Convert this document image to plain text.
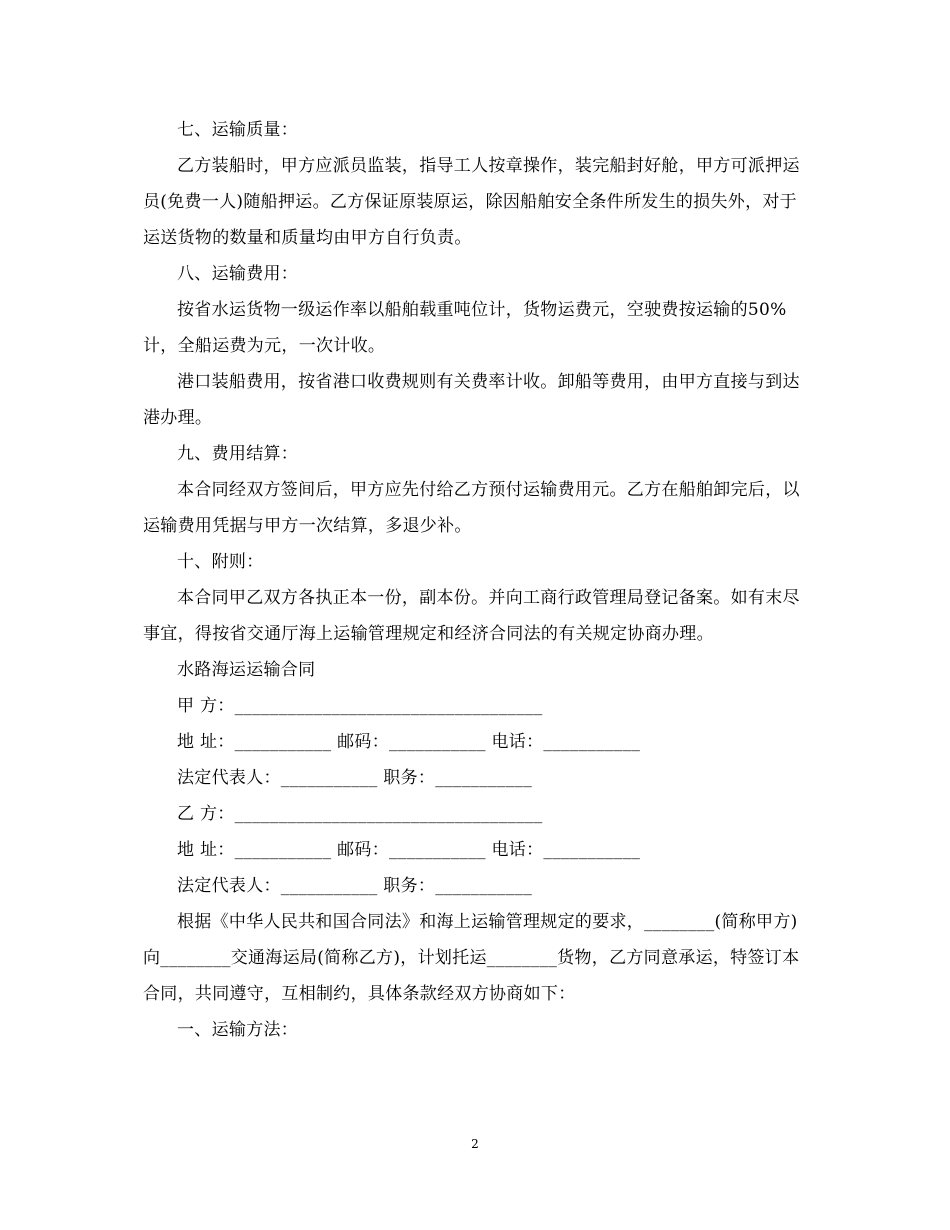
七、运输质量：

乙方装船时，甲方应派员监装，指导工人按章操作，装完船封好舱，甲方可派押运员(免费一人)随船押运。乙方保证原装原运，除因船舶安全条件所发生的损失外，对于运送货物的数量和质量均由甲方自行负责。

八、运输费用：

按省水运货物一级运作率以船舶载重吨位计，货物运费元，空驶费按运输的50%计，全船运费为元，一次计收。

港口装船费用，按省港口收费规则有关费率计收。卸船等费用，由甲方直接与到达港办理。

九、费用结算：

本合同经双方签间后，甲方应先付给乙方预付运输费用元。乙方在船舶卸完后，以运输费用凭据与甲方一次结算，多退少补。

十、附则：

本合同甲乙双方各执正本一份，副本份。并向工商行政管理局登记备案。如有末尽事宜，得按省交通厅海上运输管理规定和经济合同法的有关规定协商办理。

水路海运运输合同

甲 方：___________________________________

地 址：___________ 邮码：___________ 电话：___________

法定代表人：___________ 职务：___________

乙 方：___________________________________

地 址：___________ 邮码：___________ 电话：___________

法定代表人：___________ 职务：___________

根据《中华人民共和国合同法》和海上运输管理规定的要求，________(简称甲方)向________交通海运局(简称乙方)，计划托运________货物，乙方同意承运，特签订本合同，共同遵守，互相制约，具体条款经双方协商如下：

一、运输方法：

2
